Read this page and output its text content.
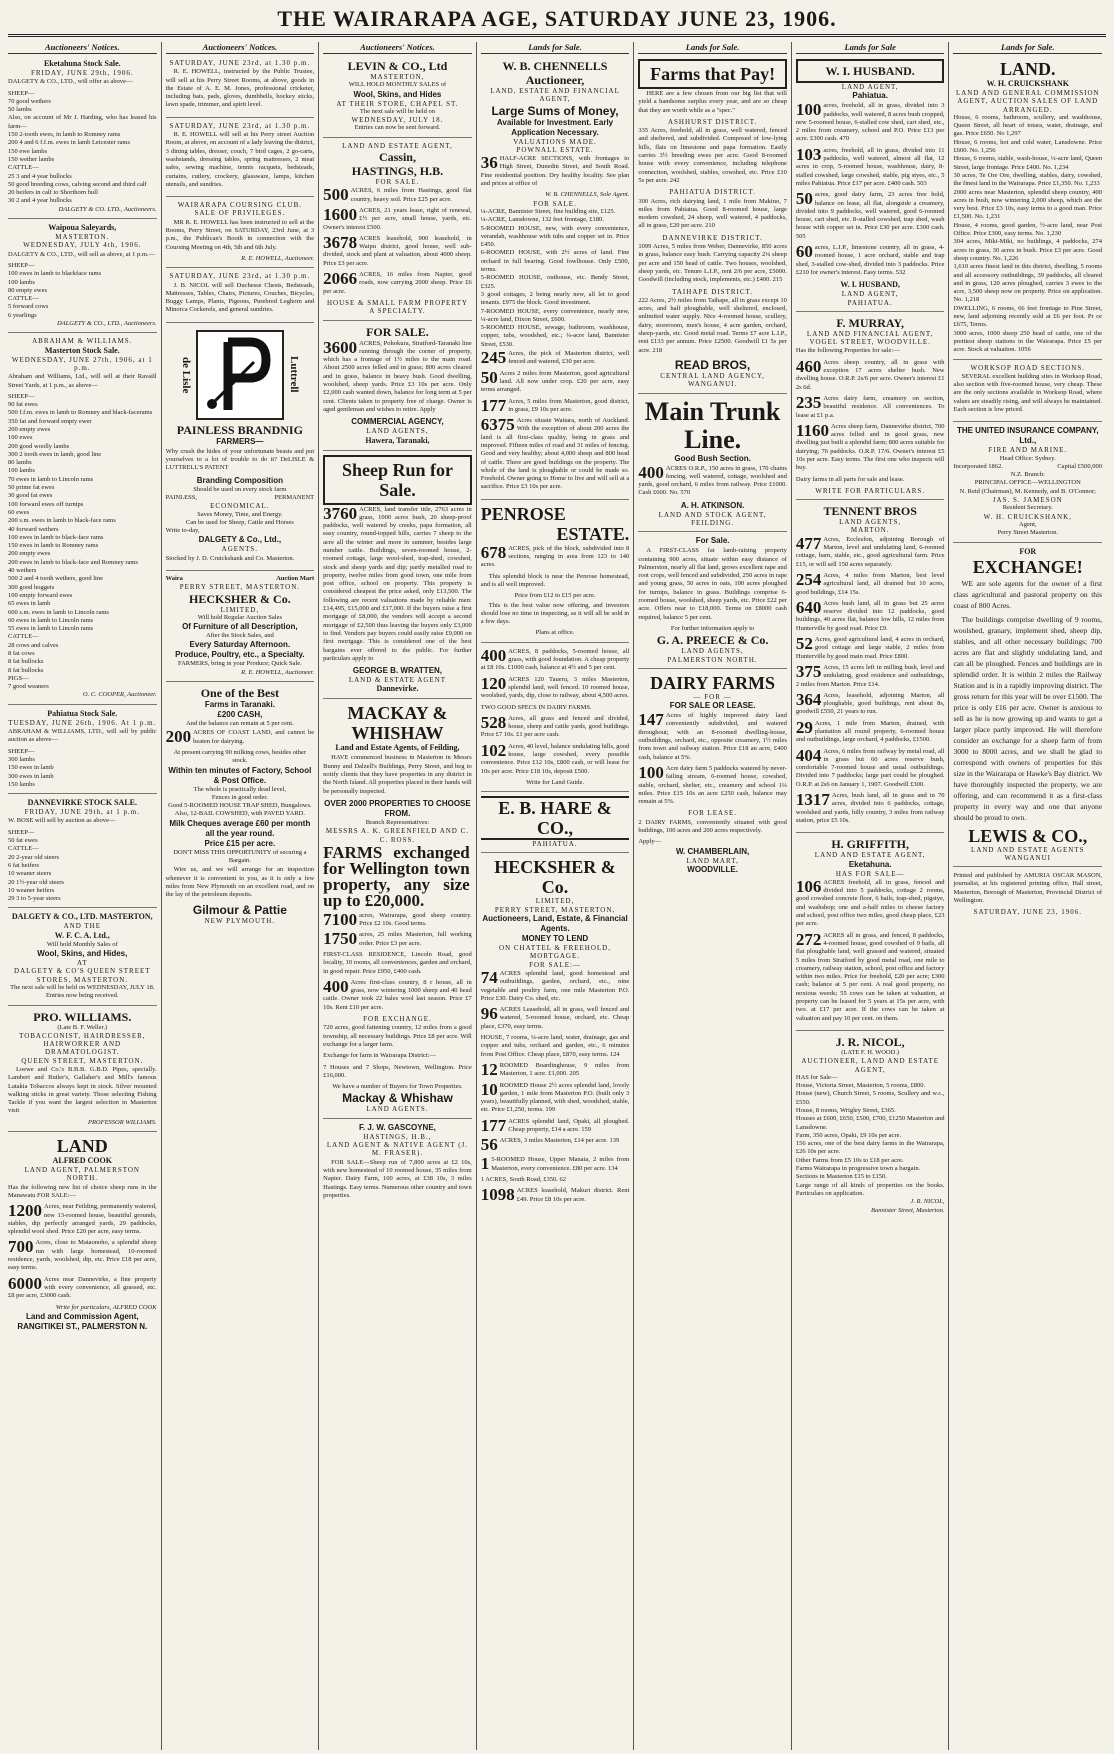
THE WAIRARAPA AGE, SATURDAY JUNE 23, 1906.
Auctioneers' Notices.
Eketahuna Stock Sale.
FRIDAY, JUNE 29th, 1906.
DALGETY & CO., LTD., will offer as above—
SHEEP—
70 good wethers
50 lambs
Also, on account of Mr J. Harding, who has leased his farm—
150 2-tooth ewes, in lamb to Romney rams
200 4 and 6 f.f.m. ewes in lamb Leicester rams
150 ewe lambs
150 wether lambs
CATTLE—
25 3 and 4 year bullocks
50 good breeding cows, calving second and third calf
20 heifers in calf to Shorthorn bull
30 2 and 4 year bullocks
DALGETY & CO. LTD., Auctioneers.
Waipoua Saleyards,
MASTERTON.
WEDNESDAY, JULY 4th, 1906.
DALGETY & CO., LTD., will sell as above, at 1 p.m.—
SHEEP—
100 ewes in lamb to blackface rams
100 lambs
80 empty ewes
CATTLE—
5 forward cows
6 yearlings
DALGETY & CO., LTD., Auctioneers.
ABRAHAM & WILLIAMS.
Masterton Stock Sale.
WEDNESDAY, JUNE 27th, 1906, at 1 p.m.
Abraham and Williams, Ltd., will sell at their Ravaill Street Yards, at 1 p.m., as above—
SHEEP—
90 fat ewes
500 f.f.m. ewes in lamb to Romney and black-facerams
350 fat and forward empty ewer
200 empty ewes
100 ewes
200 good woolly lambs
300 2 tooth ewes in lamb, good line
80 lambs
100 lambs
70 ewes in lamb to Lincoln rams
50 prime fat ewes
30 good fat ewes
100 forward ewes off turnips
60 ewes
200 s.m. ewes in lamb to black-face rams
40 forward wethers
100 ewes in lamb to black-face rams
150 ewes in lamb to Romney rams
200 empty ewes
200 ewes in lamb to black-face and Romney rams
40 wethers
500 2 and 4 tooth wethers, good line
300 good hoggets
100 empty forward ewes
65 ewes in lamb
600 s.m. ewes in lamb to Lincoln rams
60 ewes in lamb to Lincoln rams
55 ewes in lamb to Lincoln rams
CATTLE—
28 cows and calves
8 fat cows
8 fat bullocks
8 fat bullocks
PIGS—
7 good weaners
O. C. COOPER, Auctioneer.
Pahiatua Stock Sale.
TUESDAY, JUNE 26th, 1906. At 1 p.m.
ABRAHAM & WILLIAMS, LTD., will sell by public auction as above—
SHEEP—
300 lambs
150 ewes in lamb
300 ewes in lamb
150 lambs
DANNEVIRKE STOCK SALE.
FRIDAY, JUNE 29th, at 1 p.m.
W. BOSE will sell by auction as above—
SHEEP—
50 fat ewes
CATTLE—
20 2-year old steers
6 fat heifers
10 weaner steers
20 1½-year old steers
10 weaner heifers
29 3 to 5-year steers
DALGETY & CO., LTD. MASTERTON,
AND THE
W. F. C. A. Ltd.,
Will hold Monthly Sales of
Wool, Skins, and Hides,
AT
DALGETY & CO'S QUEEN STREET STORES, MASTERTON.
The next sale will be held on WEDNESDAY, JULY 18.
Entries now being received.
PRO. WILLIAMS.
(Late B. F. Weller.)
TOBACCONIST, HAIRDRESSER, HAIRWORKER AND DRAMATOLOGIST.
QUEEN STREET, MASTERTON.
Loewe and Co.'s B.B.B. G.B.D. Pipes, specially. Lambert and Butler's, Gallaher's and Mill's famous Latakia Tobaccos always kept in stock. Silver mounted walking sticks in great variety. Those selecting Fishing Tackle if you want the largest selection in Masterton visit
PROFESSOR WILLIAMS.
LAND
ALFRED COOK
LAND AGENT, PALMERSTON NORTH.
Has the following new list of choice sheep runs in the Manawatu FOR SALE:—
1200 Acres, near Feilding, permanently watered, new 13-roomed house, beautiful grounds, stables, dip perfectly arranged yards, 29 paddocks, splendid wool shed. Price £20 per acre, easy terms.
700 Acres, close to Mataonoho, a splendid sheep run with large homestead, 10-roomed residence, yards, woolshed, dip, etc. Price £18 per acre, easy terms.
6000 Acres near Dannevirke, a fine property with every convenience, all grassed, etc. £8 per acre, £3000 cash.
Write for particulars, ALFRED COOK
Land and Commission Agent, RANGITIKEI ST., PALMERSTON N.
Auctioneers' Notices.
SATURDAY, JUNE 23rd, at 1.30 p.m.
R. E. HOWELL, instructed by the Public Trustee, will sell at his Perry Street Rooms, at above, goods in the Estate of A. E. M. Jones, professional cricketer, including bats, pads, gloves, dumbbells, hockey sticks, lawn spade, trimmer, and spirit level.
SATURDAY, JUNE 23rd, at 1.30 p.m.
R. E. HOWELL will sell at his Perry street Auction Room, at above, on account of a lady leaving the district, 3 dining tables, dresser, couch, 7 bird cages, 2 go-carts, washstands, dressing tables, spring mattresses, 2 meat safes, sewing machine, tennis racquets, bedsteads, curtains, cutlery, crockery, glassware, lamps, kitchen utensils, and sundries.
WAIRARAPA COURSING CLUB.
SALE OF PRIVILEGES.
MR R. E. HOWELL has been instructed to sell at the Rooms, Perry Street, on SATURDAY, 23rd June, at 3 p.m., the Publican's Booth in connection with the Coursing Meeting on 4th, 5th and 6th July.
R. E. HOWELL, Auctioneer.
SATURDAY, JUNE 23rd, at 1.30 p.m.
J. B. NICOL will sell Duchesse Chests, Bedsteads, Mattresses, Tables, Chairs, Pictures, Couches, Bicycles, Buggy Lamps, Plants, Pigeons, Purebred Leghorn and Minorca Cockerels, and general sundries.
de Lisle	Luttrell
PAINLESS BRANDNIG
FARMERS—
Why crush the hides of your unfortunate beasts and put yourselves to a lot of trouble to do it? DeLISLE & LUTTRELL'S PATENT
Branding Composition
Should be used on every stock farm
PAINLESS,	PERMANENT
ECONOMICAL.
Saves Money, Time, and Energy.
Can be used for Sheep, Cattle and Horses
Write to-day,
DALGETY & Co., Ltd.,
AGENTS.
Stocked by J. D. Cruickshank and Co. Masterton.
Waira	Auction Mart
PERRY STREET, MASTERTON.
HECKSHER & Co.
LIMITED,
Will hold Regular Auction Sales
Of Furniture of all Description,
After the Stock Sales, and
Every Saturday Afternoon.
Produce, Poultry, etc., a Specialty.
FARMERS, bring in your Produce; Quick Sale.
R. E. HOWELL, Auctioneer.
One of the Best
Farms in Taranaki.
£200 CASH,
And the balance can remain at 5 per cent.
200 ACRES OF COAST LAND, and cannot be beaten for dairying.
At present carrying 90 milking cows, besides other stock.
Within ten minutes of Factory, School & Post Office.
The whole is practically dead level,
Fences in good order.
Good 5-ROOMED HOUSE TRAP SHED, Bungalows.
Also, 12-BAIL COWSHED, with PAVED YARD.
Milk Cheques average £60 per month all the year round.
Price £15 per acre.
DON'T MISS THIS OPPORTUNITY of securing a Bargain.
Wire us, and we will arrange for an inspection whenever it is convenient to you, as it is only a few miles from New Plymouth on an excellent road, and on the lay of the petroleum deposits.
Gilmour & Pattie
NEW PLYMOUTH.
Auctioneers' Notices.
LEVIN & CO., Ltd
MASTERTON,
WILL HOLD MONTHLY SALES of
Wool, Skins, and Hides
AT THEIR STORE, CHAPEL ST.
The next sale will be held on
WEDNESDAY, JULY 18.
Entries can now be sent forward.
LAND AND ESTATE AGENT,
Cassin,
HASTINGS, H.B.
FOR SALE.
500 ACRES, 6 miles from Hastings, good flat country, heavy soil. Price £25 per acre.
1600 ACRES, 21 years lease, right of renewal, £½ per acre, small house, yards, etc. Owner's interest £500.
3678 ACRES leasehold, 900 leasehold, in Waipu district, good house, well sub-divided, stock and plant at valuation, about 4000 sheep. Price £3 per acre.
2066 ACRES, 16 miles from Napier, good roads, now carrying 2000 sheep. Price £6 per acre.
HOUSE & SMALL FARM PROPERTY A SPECIALTY.
FOR SALE.
3600 ACRES, Pohokura, Stratford-Taranaki line running through the corner of property, which has a frontage of 1½ miles to the main road. About 2500 acres felled and in grass; 800 acres cleared and in grass, balance in heavy bush. Good dwelling, woolshed, sheep yards. Price £3 10s per acre. Only £2,000 cash wanted down, balance for long term at 5 per cent. Clients taken to property free of charge. Owner is aged gentleman and wishes to retire. Apply
COMMERCIAL AGENCY,
LAND AGENTS,
Hawera, Taranaki,
Sheep Run for Sale.
3760 ACRES, land transfer title, 2763 acres in grass, 1000 acres bush, 20 sheep-proof paddocks, well watered by creeks, papa formation, all easy country, round-topped hills, carries 7 sheep to the acre all the winter and more in summer, besides large number cattle. Buildings, seven-roomed house, 2-roomed cottage, large wool-shed, trap-shed, cowshed, stock and sheep yards and dip; partly metalled road to property, twelve miles from good town, one mile from post office, school on property. This property is considered cheapest the price asked, only £13,500. The following are recent valuations made by reliable men: £14,495, £15,000 and £17,000. If the buyers raise a first mortgage of £8,000, the vendors will accept a second mortgage of £2,500 thus leaving the buyers only £3,000 to find. Vendors pay buyers could easily raise £9,000 on first mortgage. This is considered one of the best bargains ever offered to the public. For further particulars apply to
GEORGE B. WRATTEN,
LAND & ESTATE AGENT
Dannevirke.
MACKAY & WHISHAW
Land and Estate Agents, of Feilding,
HAVE commenced business in Masterton in Messrs Bunny and Dalzell's Buildings, Perry Street, and beg to notify clients that they have properties in any district in the North Island. All properties placed in their hands will be personally inspected.
OVER 2000 PROPERTIES TO CHOOSE FROM.
Branch Representatives:
MESSRS A. K. GREENFIELD AND C. C. ROSS.
FARMS exchanged for Wellington town property, any size up to £20,000.
7100 acres, Wairarapa, good sheep country. Price £2 10s. Good terms.
1750 acres, 25 miles Masterton, full working order. Price £3 per acre.
FIRST-CLASS RESIDENCE, Lincoln Road, good locality, 10 rooms, all conveniences, garden and orchard, in good repair. Price £950, £400 cash.
400 Acres first-class country, 8 r house, all in grass, now wintering 1000 sheep and 40 head cattle. Owner took 22 bales wool last season. Price £7 10s. Rent £10 per acre.
FOR EXCHANGE.
720 acres, good fattening country, 12 miles from a good township, all necessary buildings. Price £8 per acre. Will exchange for a larger farm.
Exchange for farm in Wairarapa District:—
7 Houses and 7 Shops, Newtown, Wellington. Price £16,000.
We have a number of Buyers for Town Properties.
Mackay & Whishaw
LAND AGENTS.
F. J. W. GASCOYNE,
HASTINGS, H.B.,
LAND AGENT & NATIVE AGENT (J. M. FRASER).
FOR SALE—Sheep run of 7,800 acres at £2 10s, with new homestead of 10 roomed house, 35 miles from Napier. Dairy Farm, 100 acres, at £38 10s, 3 miles Hastings. Easy terms. Numerous other country and town properties.
Lands for Sale.
W. B. CHENNELLS
Auctioneer,
LAND, ESTATE AND FINANCIAL AGENT,
Large Sums of Money,
Available for Investment. Early Application Necessary.
VALUATIONS MADE.
POWNALL ESTATE.
36 HALF-ACRE SECTIONS, with frontages to High Street, Dunedin Street, and South Road. Fine residential position. Dry healthy locality. See plan and prices at office of
W. B. CHENNELLS, Sole Agent.
FOR SALE.
¼-ACRE, Bannister Street, fine building site, £125.
¼-ACRE, Lansdowne, 132 feet frontage, £180.
5-ROOMED HOUSE, new, with every convenience, verandah, washhouse with tubs and copper set in. Price £450.
6-ROOMED HOUSE, with 2½ acres of land. Fine orchard in full bearing. Good fowlhouse. Only £500, terms.
5-ROOMED HOUSE, outhouse, etc. Bendy Street, £325.
3 good cottages, 2 being nearly new, all let to good tenants. £975 the block. Good investment.
7-ROOMED HOUSE, every convenience, nearly new, ¼-acre land, Dixon Street, £600.
5-ROOMED HOUSE, sewage, bathroom, washhouse, copper, tubs, woodshed, etc.; ¼-acre land, Bannister Street, £530.
245 Acres, the pick of Masterton district, well fenced and watered, £30 per acre.
50 Acres 2 miles from Masterton, good agricultural land. All now under crop. £20 per acre, easy terms arranged.
177 Acres, 5 miles from Masterton, good district, in grass, £9 10s per acre.
6375 Acres situate Waitara, north of Auckland. With the exception of about 200 acres the land is all first-class quality, being in grass and improved. Fifteen miles of road and 31 miles of fencing. Good and very healthy; about 4,000 sheep and 800 head of cattle. There are good buildings on the property. The whole of the land is ploughable or could be made so. Freehold. Owner going to Home to live and will sell at a sacrifice. Price £3 10s per acre.
PENROSE
ESTATE.
678 ACRES, pick of the block, subdivided into 8 sections, ranging in area from 123 to 140 acres.
This splendid block is near the Penrose homestead, and is all well improved.
Price from £12 to £15 per acre.
This is the best value now offering, and investors should lose no time in inspecting, as it will all be sold in a few days.
Plans at office.
400 ACRES, 8 paddocks, 5-roomed house, all grass, with good foundation. A cheap property at £8 10s. £1000 cash, balance at 4½ and 5 per cent.
120 ACRES 120 Taueru, 3 miles Masterton, splendid land, well fenced. 10 roomed house, woolshed, yards, dip, close to railway, about 4,500 acres.
TWO GOOD SPECS IN DAIRY FARMS.
528 Acres, all grass and fenced and divided, house, sheep and cattle yards, good buildings. Price £7 10s. £1 per acre cash.
102 Acres, 40 level, balance undulating hills, good house, large cowshed, every possible convenience. Price £12 10s, £800 cash, or will lease for 10s per acre. Price £18 10s, deposit £500.
Write for Land Guide.
E. B. HARE & CO.,
PAHIATUA.
HECKSHER & Co.
LIMITED,
PERRY STREET, MASTERTON,
Auctioneers, Land, Estate, & Financial Agents.
MONEY TO LEND
ON CHATTEL & FREEHOLD, MORTGAGE.
FOR SALE:—
74 ACRES splendid land, good homestead and outbuildings, garden, orchard, etc., nine vegetable and poultry farm, one mile Masterton P.O. Price £30. Dairy Co. shed, etc.
96 ACRES Leasehold, all in grass, well fenced and watered, 5-roomed house, orchard, etc. Cheap place, £370, easy terms.
HOUSE, 7 rooms, ¼-acre land, water, drainage, gas and copper and tubs, orchard and garden, etc., 6 minutes from Post Office. Cheap place, £870, easy terms. 124
12 ROOMED Boardinghouse, 9 miles from Masterton, 1 acre. £1,000. 205
10 ROOMED House 2½ acres splendid land, lovely garden, 1 mile from Masterton P.O. (built only 3 years), beautifully planned, with shed, woodshed, stable, etc. Price £1,250, terms. 199
177 ACRES splendid land, Opaki, all ploughed. Cheap property, £14 a acre. 159
56 ACRES, 3 miles Masterton, £14 per acre. 139
1 5-ROOMED House, Upper Manaia, 2 miles from Masterton, every convenience. £80 per acre. 134
1 ACRES, South Road, £350. 62
1098 ACRES leasehold, Makuri district. Rent £49. Price £8 10s per acre.
Lands for Sale.
Farms that Pay!
HERE are a few chosen from our big list that will yield a handsome surplus every year, and are so cheap that they are worth while as a "spec."
ASHHURST DISTRICT.
335 Acres, freehold, all in grass, well watered, fenced and sheltered, and subdivided. Composed of low-lying hills, flats on limestone and papa formation. Easily carries 3½ breeding ewes per acre. Good 8-roomed house with every convenience, including telephone connection, woolshed, stables, cowshed, etc. Price £10 5s per acre. 242
PAHIATUA DISTRICT.
300 Acres, rich dairying land, 1 mile from Makino, 7 miles from Pahiatua. Good 8-roomed house, large modern cowshed, 24 sheep, well watered, 4 paddocks, all in grass, £20 per acre. 210
DANNEVIRKE DISTRICT.
1099 Acres, 5 miles from Weber, Dannevirke, 850 acres in grass, balance easy bush. Carrying capacity 2¼ sheep per acre and 150 head of cattle. Two houses, woolshed, sheep yards, etc. Tenure L.I.P., rent 2/6 per acre, £5000. Goodwill (including stock, implements, etc.) £400. 215
TAIHAPE DISTRICT.
222 Acres, 2½ miles from Taihape, all in grass except 10 acres, and half ploughable, well sheltered, enclosed, unlimited water supply. Nice 4-roomed house, scullery, dairy, storeroom, men's house, 4 acre garden, orchard, sheep-yards, etc. Good metal road. Terms £7 acre L.I.P., rent £133 per annum. Price £2500. Goodwill £1 5s per acre. 218
READ BROS,
CENTRAL LAND AGENCY, WANGANUI.
Main Trunk Line.
Good Bush Section.
400 ACRES O.R.P., 150 acres in grass, 170 chains fencing, well watered, cottage, woolshed and yards, good orchard, 6 miles from railway. Price £1000. Cash £600. No. 570
A. H. ATKINSON.
LAND AND STOCK AGENT,
FEILDING.
For Sale.
A FIRST-CLASS fat lamb-raising property containing 900 acres, situate within easy distance of Palmerston, nearly all flat land, grows excellent rape and root crops, well fenced and subdivided, 250 acres in rape and young grass, 50 acres in oats, 100 acres ploughed for turnips, balance in grass. Buildings comprise 6-roomed house, woolshed, sheep yards, etc. Price £22 per acre. Offers near to £18,000. Terms on £8000 cash required, balance 5 per cent.
For further information apply to
G. A. PREECE & Co.
LAND AGENTS,
PALMERSTON NORTH.
DAIRY FARMS
— FOR —
FOR SALE OR LEASE.
147 Acres of highly improved dairy land conveniently subdivided, and watered throughout; with an 8-roomed dwelling-house, outbuildings, orchard, etc., opposite creamery, 1½ miles from town and railway station. Price £18 an acre, £400 cash, balance at 5%.
100 Acre dairy farm 5 paddocks watered by never-failing stream, 6-roomed house, cowshed, stable, orchard, shelter, etc., creamery and school 1¼ miles. Price £15 10s an acre £250 cash, balance may remain at 5%.
FOR LEASE.
2 DAIRY FARMS, conveniently situated with good buildings, 100 acres and 200 acres respectively.
Apply—
W. CHAMBERLAIN,
LAND MART,
WOODVILLE.
Lands for Sale
W. I. HUSBAND.
LAND AGENT,
Pahiatua.
100 acres, freehold, all in grass, divided into 3 paddocks, well watered, 8 acres bush cropped, new 5-roomed house, 6-stalled cow shed, cart shed, etc., 2 miles from creamery, school and P.O. Price £13 per acre. £300 cash. 470
103 acres, freehold, all in grass, divided into 11 paddocks, well watered, almost all flat, 12 acres in crop, 5-roomed house, washhouse, dairy, 8-stalled cowshed, large cowshed, stable, pig styes, etc., 5 miles Pahiatua. Price £17 per acre. £400 cash. 503
50 acres, good dairy farm, 23 acres free hold, balance on lease, all flat, alongside a creamery, divided into 9 paddocks, well watered, good 6-roomed house, cart shed, etc. 8-stalled cowshed, trap shed, wash house with copper set in. Price £30 per acre. £300 cash. 505
60 acres, L.I.P., limestone country, all in grass, 4-roomed house, 1 acre orchard, stable and trap shed, 3-stalled cow-shed, divided into 3 paddocks. Price £210 for owner's interest. Easy terms. 532
W. I. HUSBAND,
LAND AGENT,
PAHIATUA.
F. MURRAY,
LAND AND FINANCIAL AGENT, VOGEL STREET, WOODVILLE.
Has the following Properties for sale:—
460 Acres sheep country, all in grass with exception 17 acres shelter bush. New dwelling house. O.R.P. 2s/6 per acre. Owner's interest £1 2s 6d.
235 Acres dairy farm, creamery on section, beautiful residence. All conveniences. To lease at £1 p.a.
1160 Acres sheep farm, Dannevirke district, 700 acres felled and in good grass, new dwelling just built a splendid farm; 800 acres suitable for dairying; 76 paddocks. O.R.P. 17/6. Owner's interest £5 10s per acre. Easy terms. The first one who inspects will buy.
Dairy farms in all parts for sale and lease.
WRITE FOR PARTICULARS.
TENNENT BROS
LAND AGENTS,
MARTON.
477 Acres, Ecclesfon, adjoining Borough of Marton, level and undulating land, 6-roomed cottage, barn, stable, etc., good agricultural farm. Price £15, or will sell 150 acres separately.
254 Acres, 4 miles from Marton, best level agricultural land, all drained but 10 acres, good buildings, £14 15s.
640 Acres bush land, all in grass but 25 acres reserve divided into 12 paddocks, good buildings, 40 acres flat, balance low hills, 12 miles from Hunterville by good road. Price £9.
52 Acres, good agricultural land, 4 acres in orchard, good cottage and large stable, 2 miles from Hunterville by good main road. Price £800.
375 Acres, 15 acres left in milling bush, level and undulating, good residence and outbuildings, 2 miles from Marton. Price £14.
364 Acres, leasehold, adjoining Marton, all ploughable, good buildings, rent about 8s, goodwill £550, 21 years to run.
29 Acres, 1 mile from Marton, drained, with plantation all round property, 6-roomed house and outbuildings, large orchard, 4 paddocks, £1500.
404 Acres, 6 miles from railway by metal road, all in grass but 60 acres reserve bush, comfortable 7-roomed house and usual outbuildings. Divided into 7 paddocks; large part could be ploughed. O.R.P. at 2s6 on January 1, 1907. Goodwill £300.
1317 Acres, bush land, all in grass and in 70 acres, divided into 6 paddocks, cottage, woolshed and yards, hilly country, 3 miles from railway station, price £5 10s.
H. GRIFFITH,
LAND AND ESTATE AGENT,
Eketahuna.
HAS FOR SALE—
106 ACRES freehold, all in grass, fenced and divided into 5 paddocks, cottage 2 rooms, good cowshed concrete floor, 6 bails, trap-shed, pigstye, and washshop; one and a-half miles to cheese factory and school, post office two miles, good cheap place, £23 per acre.
272 ACRES all in grass, and fenced, 8 paddocks, 4-roomed house, good cowshed of 9 bails, all flat ploughable land, well grassed and watered, situated 5 miles from Stratford by good metal road, one mile to creamery, railway station, school, post office and factory within two miles. Price for freehold, £20 per acre; £300 cash; balance at 5 per cent. A real good property, no noxious weeds; 55 cows can be taken at valuation, at property can be leased for 5 years at 15s per acre, with two. at £17 per acre. If the cows can be taken at valuation and pay 10 per cent. on them.
J. R. NICOL,
(LATE F. H. WOOD.)
AUCTIONEER, LAND AND ESTATE AGENT,
HAS for Sale—
House, Victoria Street, Masterton, 5 rooms, £800.
House (new), Church Street, 5 rooms, Scullery and w.c., £550.
House, 8 rooms, Wrigley Street, £365.
Houses at £600, £650, £500, £700, £1250 Masterton and Lansdowne.
Farm, 350 acres, Opaki, £9 10s per acre.
156 acres, one of the best dairy farms in the Wairarapa, £26 10s per acre.
Other Farms from £5 10s to £18 per acre.
Farms Wairarapa in progressive town a bargain.
Sections in Masterton £15 to £150.
Large range of all kinds of properties on the books. Particulars on application.
J. R. NICOL,
Bannister Street, Masterton.
Lands for Sale.
LAND.
W. H. CRUICKSHANK
LAND AND GENERAL COMMISSION AGENT, AUCTION SALES OF LAND ARRANGED.
House, 6 rooms, bathroom, scullery, and washhouse, Queen Street, all heart of totara, water, drainage, and gas. Price £650. No 1,297
House, 6 rooms, hot and cold water, Lansdowne. Price £600. No. 1,256
House, 6 rooms, stable, wash-house, ¼-acre land, Queen Street, large frontage. Price £400. No. 1,234
30 acres, Te Ore Ore, dwelling, stables, dairy, cowshed, the finest land in the Wairarapa. Price £1,350. No. 1,233
2000 acres near Masterton, splendid sheep country, 400 acres in bush, now wintering 2,000 sheep, which are the very best. Price £3 10s, easy terms to a good man. Price £1,500. No. 1,231
House, 4 rooms, good garden, ½-acre land, near Post Office. Price £300, easy terms. No. 1,230
304 acres, Miki-Miki, no buildings, 4 paddocks, 274 acres in grass, 30 acres in bush. Price £3 per acre. Good sheep country. No. 1,226
1,610 acres finest land in this district, dwelling, 5 rooms and all accessory outbuildings, 39 paddocks, all cleared and in grass, 120 acres ploughed, carries 3 ewes to the acre, 3,500 sheep now on property. Price on application. No. 1,218
DWELLING, 6 rooms, 66 feet frontage to Pine Street, new, land adjoining recently sold at £6 per foot. Pr ce £675, Terms.
3000 acres, 1000 sheep 250 head of cattle, one of the prettiest sheep stations in the Wairarapa. Price £5 per acre. Stock at valuation. 1056
WORKSOP ROAD SECTIONS.
SEVERAL excellent building sites in Worksop Road, also section with five-roomed house, very cheap. These are the only sections available in Worksop Road, where values are steadily rising, and will always be maintained. Each section is low priced.
THE UNITED INSURANCE COMPANY, Ltd.,
FIRE AND MARINE.
Head Office: Sydney.
Incorporated 1862.	Capital £500,000
N.Z. Branch:
PRINCIPAL OFFICE—WELLINGTON
N. Reid (Chairman), M. Kennedy, and B. O'Connor;
JAS. S. JAMESON
Resident Secretary.
W. H. CRUICKSHANK,
Agent,
Perry Street Masterton.
FOR
EXCHANGE!
WE are sole agents for the owner of a first class agricultural and pastoral property on this coast of 800 Acres.
The buildings comprise dwelling of 9 rooms, woolshed, granary, implement shed, sheep dip, stables, and all other necessary buildings; 700 acres are flat and slightly undulating land, and can all be ploughed. Fences and buildings are in splendid order. It is within 2 miles the Railway Station and is in a rapidly improving district. The gross return for this year will be over £1500. The price is only £16 per acre. Owner is anxious to sell as he is now growing up and wants to get a larger place partly improved. He will therefore consider an exchange for a sheep farm of from 3000 to 8000 acres, and we shall be glad to correspond with owners of properties for this size in the Wairarapa or Hawke's Bay district. We have thoroughly inspected the property, we are offering, and can recommend it as a first-class property in every way and one that anyone should be proud to own.
LEWIS & CO.,
LAND AND ESTATE AGENTS
WANGANUI
Printed and published by AMURIA OSCAR MASON, journalist, at his registered printing office, Hall street, Masterton, Borough of Masterton, Provincial District of Wellington.
SATURDAY, JUNE 23, 1906.
